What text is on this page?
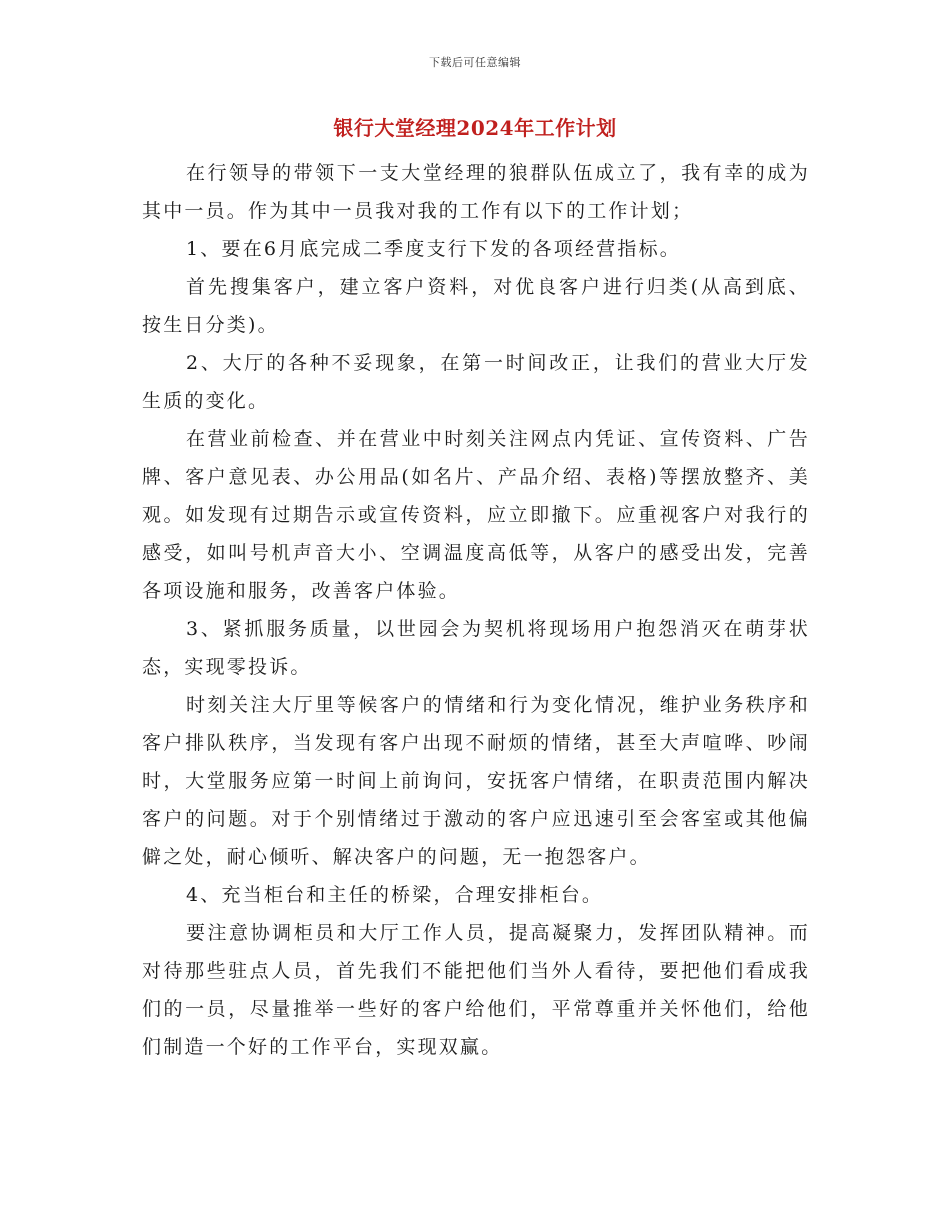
下载后可任意编辑
银行大堂经理2024年工作计划

在行领导的带领下一支大堂经理的狼群队伍成立了，我有幸的成为其中一员。作为其中一员我对我的工作有以下的工作计划；

1、要在6月底完成二季度支行下发的各项经营指标。

首先搜集客户，建立客户资料，对优良客户进行归类(从高到底、按生日分类)。

2、大厅的各种不妥现象，在第一时间改正，让我们的营业大厅发生质的变化。

在营业前检查、并在营业中时刻关注网点内凭证、宣传资料、广告牌、客户意见表、办公用品(如名片、产品介绍、表格)等摆放整齐、美观。如发现有过期告示或宣传资料，应立即撤下。应重视客户对我行的感受，如叫号机声音大小、空调温度高低等，从客户的感受出发，完善各项设施和服务，改善客户体验。

3、紧抓服务质量，以世园会为契机将现场用户抱怨消灭在萌芽状态，实现零投诉。

时刻关注大厅里等候客户的情绪和行为变化情况，维护业务秩序和客户排队秩序，当发现有客户出现不耐烦的情绪，甚至大声喧哗、吵闹时，大堂服务应第一时间上前询问，安抚客户情绪，在职责范围内解决客户的问题。对于个别情绪过于激动的客户应迅速引至会客室或其他偏僻之处，耐心倾听、解决客户的问题，无一抱怨客户。

4、充当柜台和主任的桥梁，合理安排柜台。

要注意协调柜员和大厅工作人员，提高凝聚力，发挥团队精神。而对待那些驻点人员，首先我们不能把他们当外人看待，要把他们看成我们的一员，尽量推举一些好的客户给他们，平常尊重并关怀他们，给他们制造一个好的工作平台，实现双赢。
